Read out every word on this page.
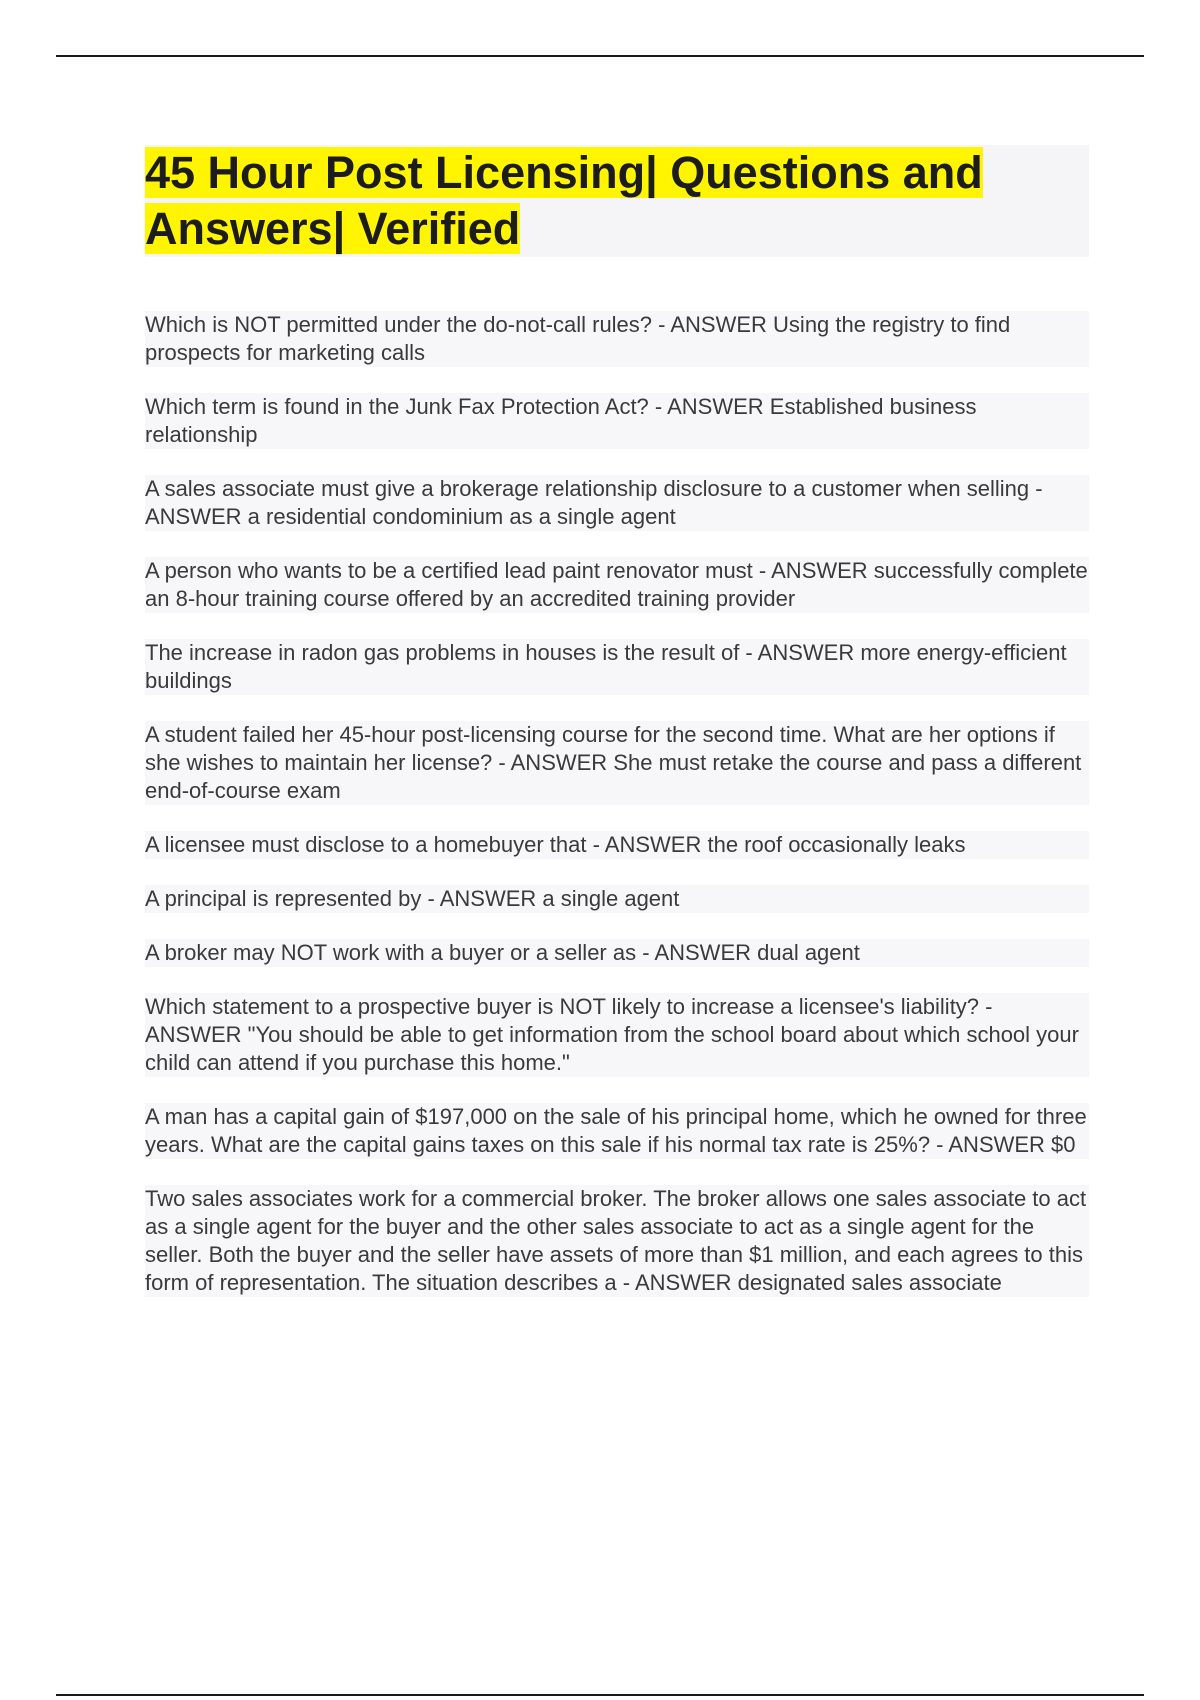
45 Hour Post Licensing| Questions and Answers| Verified

Which is NOT permitted under the do-not-call rules? - ANSWER Using the registry to find prospects for marketing calls

Which term is found in the Junk Fax Protection Act? - ANSWER Established business relationship

A sales associate must give a brokerage relationship disclosure to a customer when selling - ANSWER a residential condominium as a single agent

A person who wants to be a certified lead paint renovator must - ANSWER successfully complete an 8-hour training course offered by an accredited training provider

The increase in radon gas problems in houses is the result of - ANSWER more energy-efficient buildings

A student failed her 45-hour post-licensing course for the second time. What are her options if she wishes to maintain her license? - ANSWER She must retake the course and pass a different end-of-course exam

A licensee must disclose to a homebuyer that - ANSWER the roof occasionally leaks

A principal is represented by - ANSWER a single agent

A broker may NOT work with a buyer or a seller as - ANSWER dual agent

Which statement to a prospective buyer is NOT likely to increase a licensee's liability? - ANSWER "You should be able to get information from the school board about which school your child can attend if you purchase this home."

A man has a capital gain of $197,000 on the sale of his principal home, which he owned for three years. What are the capital gains taxes on this sale if his normal tax rate is 25%? - ANSWER $0

Two sales associates work for a commercial broker. The broker allows one sales associate to act as a single agent for the buyer and the other sales associate to act as a single agent for the seller. Both the buyer and the seller have assets of more than $1 million, and each agrees to this form of representation. The situation describes a - ANSWER designated sales associate
